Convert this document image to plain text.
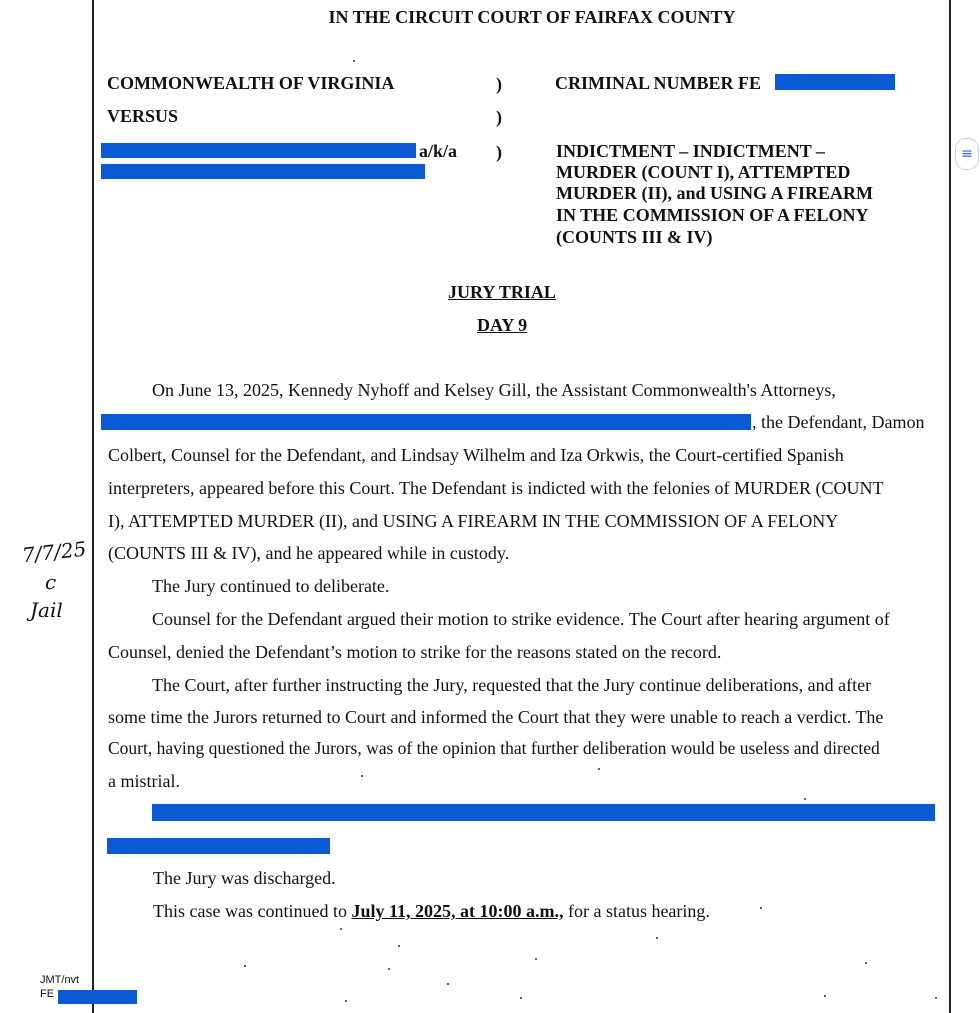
IN THE CIRCUIT COURT OF FAIRFAX COUNTY
COMMONWEALTH OF VIRGINIA
VERSUS
)
)
)
a/k/a
CRIMINAL NUMBER FE
INDICTMENT – INDICTMENT –
MURDER (COUNT I), ATTEMPTED
MURDER (II), and USING A FIREARM
IN THE COMMISSION OF A FELONY
(COUNTS III & IV)
JURY TRIAL
DAY 9
On June 13, 2025, Kennedy Nyhoff and Kelsey Gill, the Assistant Commonwealth's Attorneys,
, the Defendant, Damon
Colbert, Counsel for the Defendant, and Lindsay Wilhelm and Iza Orkwis, the Court-certified Spanish
interpreters, appeared before this Court. The Defendant is indicted with the felonies of MURDER (COUNT
I), ATTEMPTED MURDER (II), and USING A FIREARM IN THE COMMISSION OF A FELONY
(COUNTS III & IV), and he appeared while in custody.
The Jury continued to deliberate.
Counsel for the Defendant argued their motion to strike evidence. The Court after hearing argument of
Counsel, denied the Defendant’s motion to strike for the reasons stated on the record.
The Court, after further instructing the Jury, requested that the Jury continue deliberations, and after
some time the Jurors returned to Court and informed the Court that they were unable to reach a verdict. The
Court, having questioned the Jurors, was of the opinion that further deliberation would be useless and directed
a mistrial.
The Jury was discharged.
This case was continued to July 11, 2025, at 10:00 a.m., for a status hearing.
7/7/25
c
Jail
JMT/nvt
FE
≡
